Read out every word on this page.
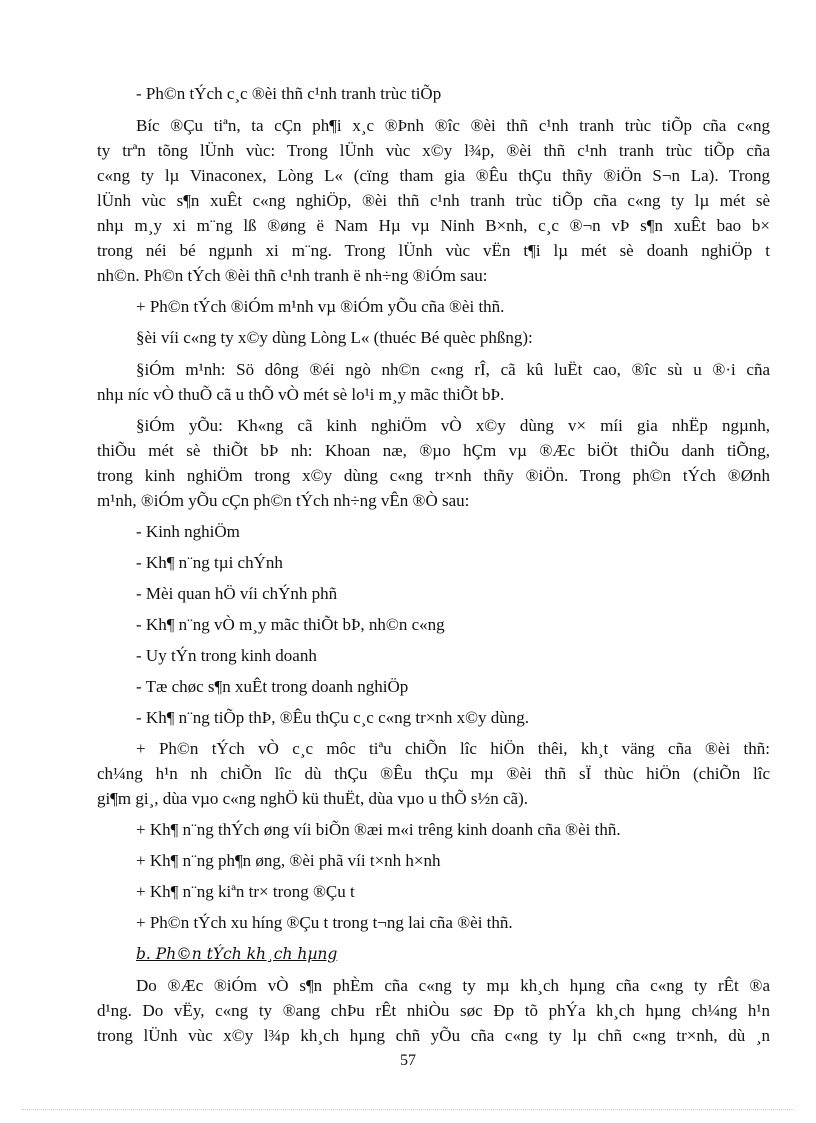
- Ph©n tÝch c¸c ®èi thñ c¹nh tranh trùc tiÕp
Bíc ®Çu tiªn, ta cÇn ph¶i x¸c ®Þnh ®îc ®èi thñ c¹nh tranh trùc tiÕp cña c«ng
ty trªn tõng lÜnh vùc: Trong lÜnh vùc x©y l¾p, ®èi thñ c¹nh tranh trùc tiÕp cña
c«ng ty lµ Vinaconex, Lòng L« (cïng tham gia ®Êu thÇu thñy ®iÖn S¬n La). Trong
lÜnh vùc s¶n xuÊt c«ng nghiÖp, ®èi thñ c¹nh tranh trùc tiÕp cña c«ng ty lµ mét sè
nhµ m¸y xi m¨ng lß ®øng ë Nam Hµ vµ Ninh B×nh, c¸c ®¬n vÞ s¶n xuÊt bao b×
trong néi bé ngµnh xi m¨ng. Trong lÜnh vùc vËn t¶i lµ mét sè doanh nghiÖp t
nh©n. Ph©n tÝch ®èi thñ c¹nh tranh ë nh÷ng ®iÓm sau:
+ Ph©n tÝch ®iÓm m¹nh vµ ®iÓm yÕu cña ®èi thñ.
§èi víi c«ng ty x©y dùng Lòng L« (thuéc Bé quèc phßng):
§iÓm m¹nh: Sö dông ®éi ngò nh©n c«ng rÎ, cã kû luËt cao, ®îc sù u ®·i cña
nhµ níc vÒ thuÕ cã u thÕ vÒ mét sè lo¹i m¸y mãc thiÕt bÞ.
§iÓm yÕu: Kh«ng cã kinh nghiÖm vÒ x©y dùng v× míi gia nhËp ngµnh,
thiÕu mét sè thiÕt bÞ nh: Khoan næ, ®µo hÇm vµ ®Æc biÖt thiÕu danh tiÕng,
trong kinh nghiÖm trong x©y dùng c«ng tr×nh thñy ®iÖn. Trong ph©n tÝch ®Ønh
m¹nh, ®iÓm yÕu cÇn ph©n tÝch nh÷ng vÊn ®Ò sau:
- Kinh nghiÖm
- Kh¶ n¨ng tµi chÝnh
- Mèi quan hÖ víi chÝnh phñ
- Kh¶ n¨ng vÒ m¸y mãc thiÕt bÞ, nh©n c«ng
- Uy tÝn trong kinh doanh
- Tæ chøc s¶n xuÊt trong doanh nghiÖp
- Kh¶ n¨ng tiÕp thÞ, ®Êu thÇu c¸c c«ng tr×nh x©y dùng.
+ Ph©n tÝch vÒ c¸c môc tiªu chiÕn lîc hiÖn thêi, kh¸t väng cña ®èi thñ:
ch¼ng h¹n nh chiÕn lîc dù thÇu ®Êu thÇu mµ ®èi thñ sÏ thùc hiÖn (chiÕn lîc
gi¶m gi¸, dùa vµo c«ng nghÖ kü thuËt, dùa vµo u thÕ s½n cã).
+ Kh¶ n¨ng thÝch øng víi biÕn ®æi m«i trêng kinh doanh cña ®èi thñ.
+ Kh¶ n¨ng ph¶n øng, ®èi phã víi t×nh h×nh
+ Kh¶ n¨ng kiªn tr× trong ®Çu t
+ Ph©n tÝch xu híng ®Çu t trong t¬ng lai cña ®èi thñ.
b. Ph©n tÝch kh¸ch hµng
Do ®Æc ®iÓm vÒ s¶n phÈm cña c«ng ty mµ kh¸ch hµng cña c«ng ty rÊt ®a
d¹ng. Do vËy, c«ng ty ®ang chÞu rÊt nhiÒu søc Ðp tõ phÝa kh¸ch hµng ch¼ng h¹n
trong lÜnh vùc x©y l¾p kh¸ch hµng chñ yÕu cña c«ng ty lµ chñ c«ng tr×nh, dù ¸n
57
